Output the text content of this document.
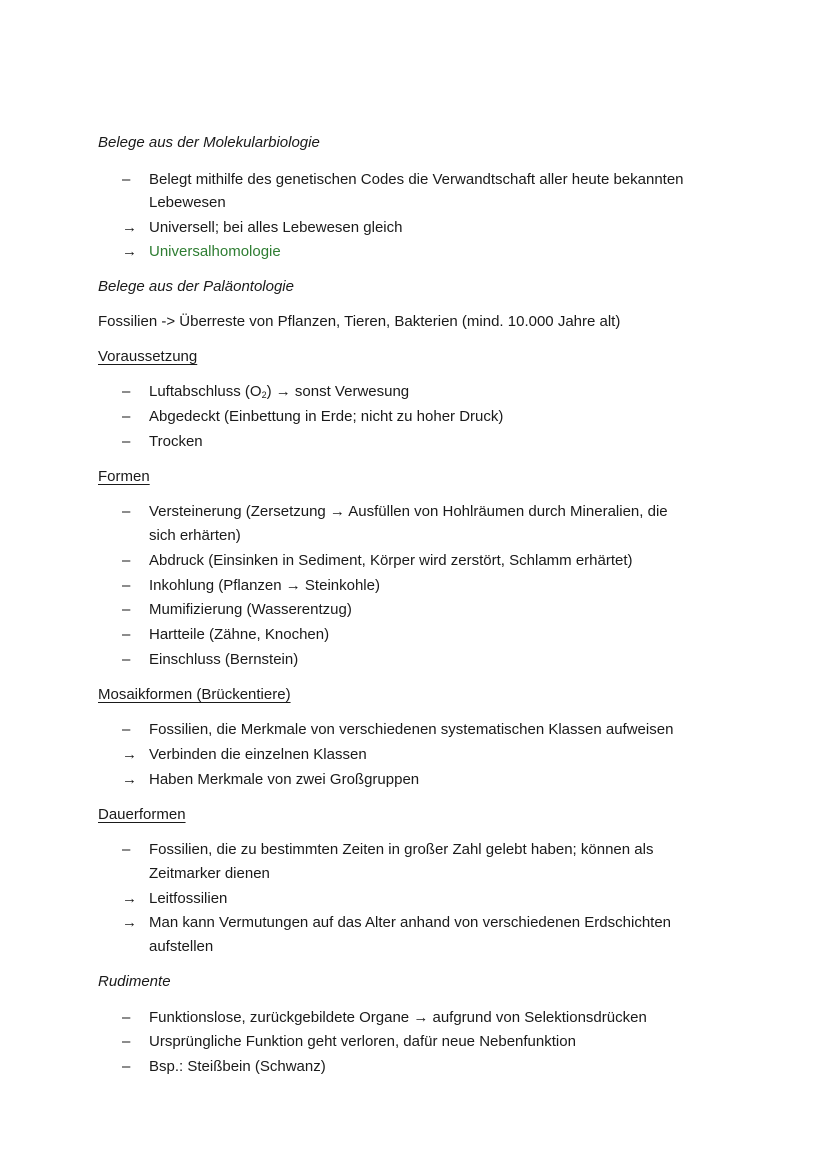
Belege aus der Molekularbiologie
–	Belegt mithilfe des genetischen Codes die Verwandtschaft aller heute bekannten
Lebewesen
→ Universell; bei alles Lebewesen gleich
→ Universalhomologie
Belege aus der Paläontologie
Fossilien -> Überreste von Pflanzen, Tieren, Bakterien (mind. 10.000 Jahre alt)
Voraussetzung
–	Luftabschluss $(O_2)$ → sonst Verwesung
–	Abgedeckt (Einbettung in Erde; nicht zu hoher Druck)
–	Trocken
Formen
–	Versteinerung (Zersetzung → Ausfüllen von Hohlräumen durch Mineralien, die
sich erhärten)
–	Abdruck (Einsinken in Sediment, Körper wird zerstört, Schlamm erhärtet)
–	Inkohlung (Pflanzen → Steinkohle)
–	Mumifizierung (Wasserentzug)
–	Hartteile (Zähne, Knochen)
–	Einschluss (Bernstein)
Mosaikformen (Brückentiere)
–	Fossilien, die Merkmale von verschiedenen systematischen Klassen aufweisen
→ Verbinden die einzelnen Klassen
→ Haben Merkmale von zwei Großgruppen
Dauerformen
–	Fossilien, die zu bestimmten Zeiten in großer Zahl gelebt haben; können als
Zeitmarker dienen
→ Leitfossilien
→ Man kann Vermutungen auf das Alter anhand von verschiedenen Erdschichten
aufstellen
Rudimente
–	Funktionslose, zurückgebildete Organe → aufgrund von Selektionsdrücken
–	Ursprüngliche Funktion geht verloren, dafür neue Nebenfunktion
–	Bsp.: Steißbein (Schwanz)
